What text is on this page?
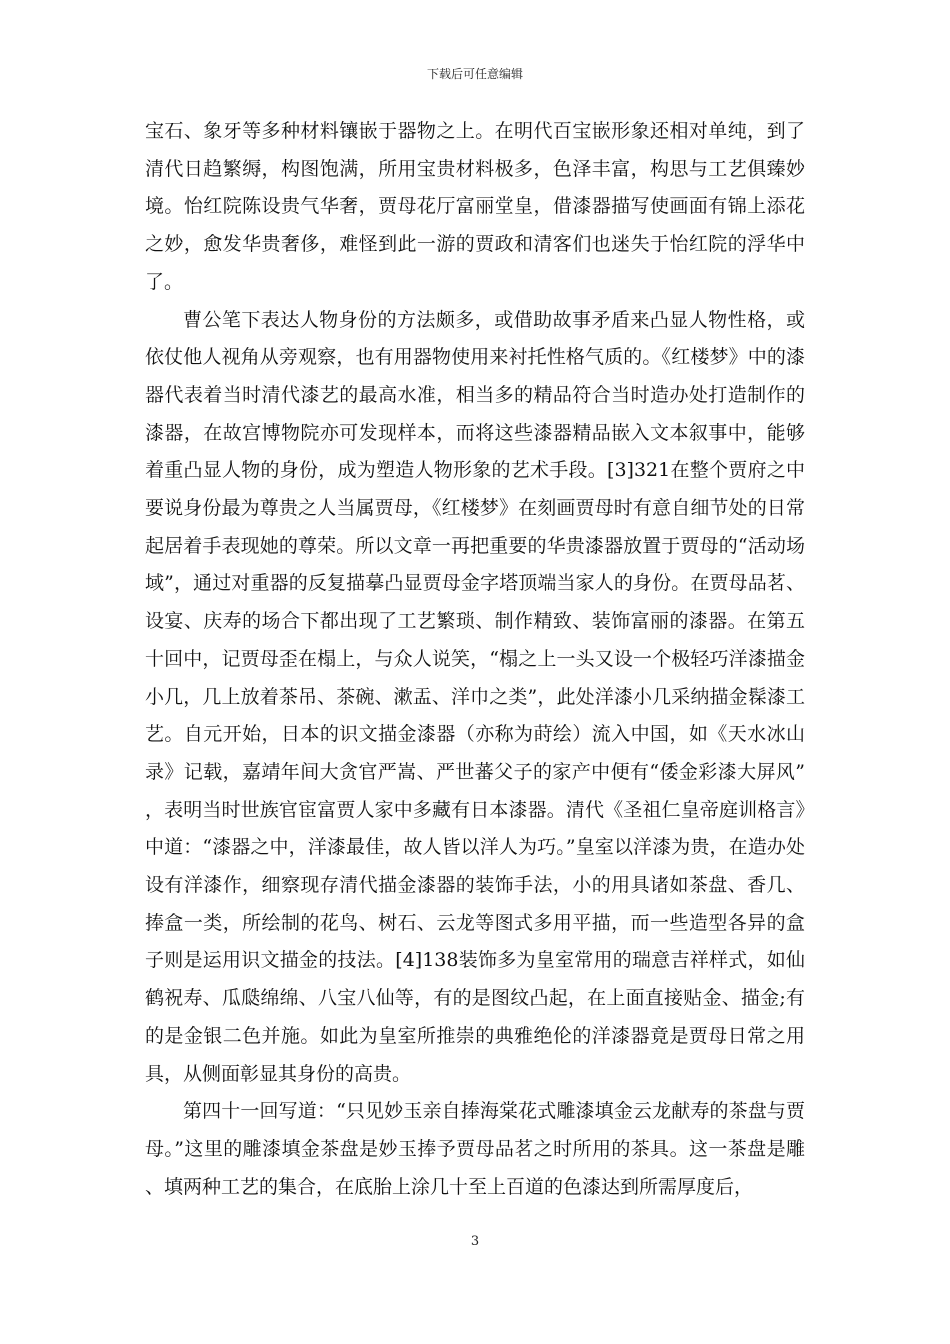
下载后可任意编辑

宝石、象牙等多种材料镶嵌于器物之上。在明代百宝嵌形象还相对单纯，到了清代日趋繁缛，构图饱满，所用宝贵材料极多，色泽丰富，构思与工艺俱臻妙境。怡红院陈设贵气华奢，贾母花厅富丽堂皇，借漆器描写使画面有锦上添花之妙，愈发华贵奢侈，难怪到此一游的贾政和清客们也迷失于怡红院的浮华中了。

曹公笔下表达人物身份的方法颇多，或借助故事矛盾来凸显人物性格，或依仗他人视角从旁观察，也有用器物使用来衬托性格气质的。《红楼梦》中的漆器代表着当时清代漆艺的最高水准，相当多的精品符合当时造办处打造制作的漆器，在故宫博物院亦可发现样本，而将这些漆器精品嵌入文本叙事中，能够着重凸显人物的身份，成为塑造人物形象的艺术手段。[3]321在整个贾府之中要说身份最为尊贵之人当属贾母，《红楼梦》在刻画贾母时有意自细节处的日常起居着手表现她的尊荣。所以文章一再把重要的华贵漆器放置于贾母的“活动场域”，通过对重器的反复描摹凸显贾母金字塔顶端当家人的身份。在贾母品茗、设宴、庆寿的场合下都出现了工艺繁琐、制作精致、装饰富丽的漆器。在第五十回中，记贾母歪在榻上，与众人说笑，“榻之上一头又设一个极轻巧洋漆描金小几，几上放着茶吊、茶碗、漱盂、洋巾之类”，此处洋漆小几采纳描金髹漆工艺。自元开始，日本的识文描金漆器（亦称为莳绘）流入中国，如《天水冰山录》记载，嘉靖年间大贪官严嵩、严世蕃父子的家产中便有“倭金彩漆大屏风”，表明当时世族官宦富贾人家中多藏有日本漆器。清代《圣祖仁皇帝庭训格言》中道：“漆器之中，洋漆最佳，故人皆以洋人为巧。”皇室以洋漆为贵，在造办处设有洋漆作，细察现存清代描金漆器的装饰手法，小的用具诸如茶盘、香几、捧盒一类，所绘制的花鸟、树石、云龙等图式多用平描，而一些造型各异的盒子则是运用识文描金的技法。[4]138装饰多为皇室常用的瑞意吉祥样式，如仙鹤祝寿、瓜瓞绵绵、八宝八仙等，有的是图纹凸起，在上面直接贴金、描金;有的是金银二色并施。如此为皇室所推崇的典雅绝伦的洋漆器竟是贾母日常之用具，从侧面彰显其身份的高贵。

第四十一回写道：“只见妙玉亲自捧海棠花式雕漆填金云龙献寿的茶盘与贾母。”这里的雕漆填金茶盘是妙玉捧予贾母品茗之时所用的茶具。这一茶盘是雕、填两种工艺的集合，在底胎上涂几十至上百道的色漆达到所需厚度后，

3
